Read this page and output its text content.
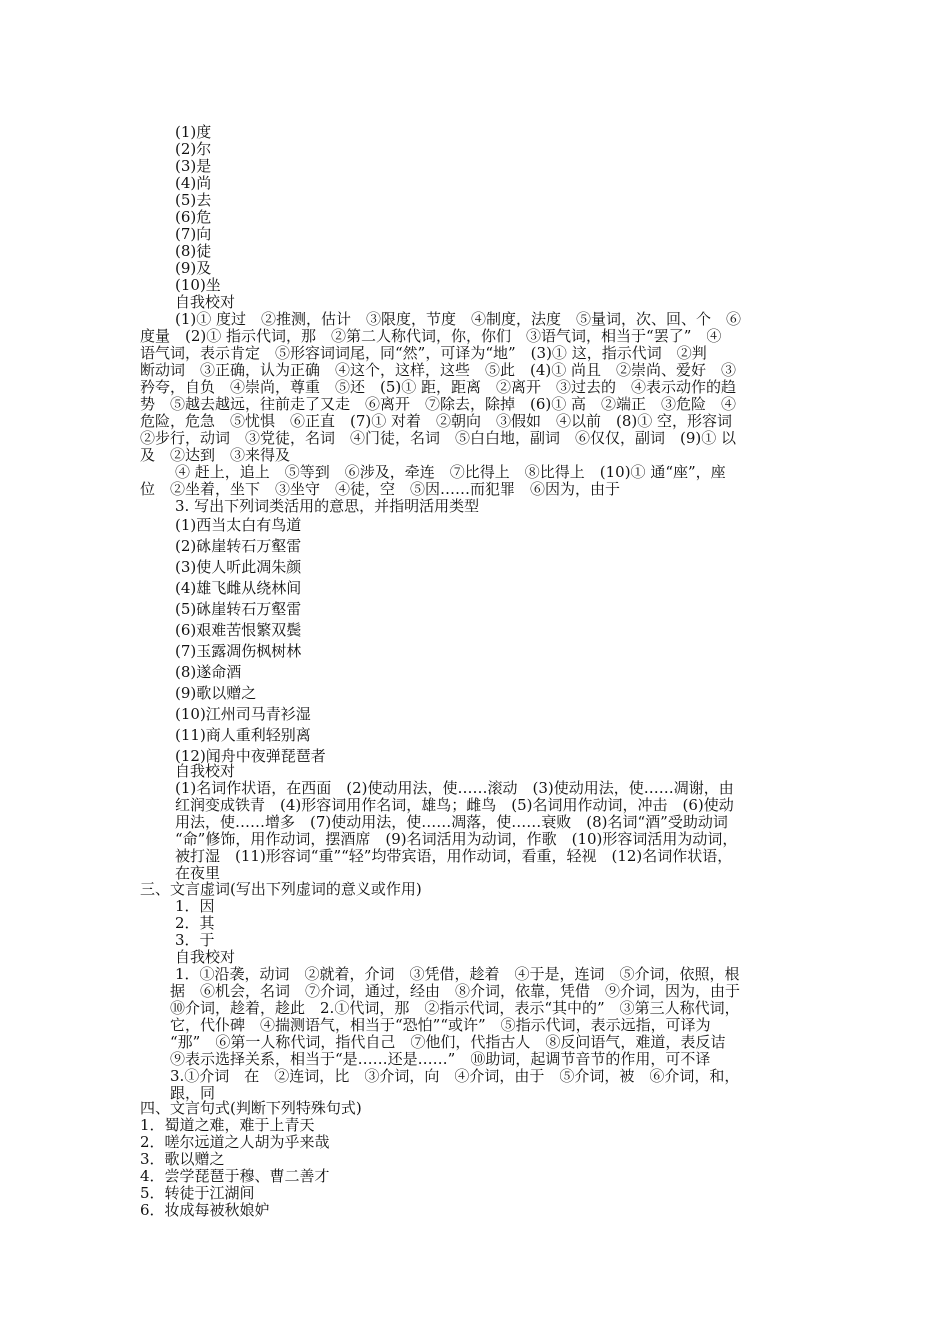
(1)度
(2)尔
(3)是
(4)尚
(5)去
(6)危
(7)向
(8)徒
(9)及
(10)坐
自我校对
(1)① 度过　②推测，估计　③限度，节度　④制度，法度　⑤量词，次、回、个　⑥
度量　(2)① 指示代词，那　②第二人称代词，你，你们　③语气词，相当于“罢了”　④
语气词，表示肯定　⑤形容词词尾，同“然”，可译为“地”　(3)① 这，指示代词　②判
断动词　③正确，认为正确　④这个，这样，这些　⑤此　(4)① 尚且　②崇尚、爱好　③
矜夸，自负　④崇尚，尊重　⑤还　(5)① 距，距离　②离开　③过去的　④表示动作的趋
势　⑤越去越远，往前走了又走　⑥离开　⑦除去，除掉　(6)① 高　②端正　③危险　④
危险，危急　⑤忧惧　⑥正直　(7)① 对着　②朝向　③假如　④以前　(8)① 空，形容词
②步行，动词　③党徒，名词　④门徒，名词　⑤白白地，副词　⑥仅仅，副词　(9)① 以
及　②达到　③来得及
④ 赶上，追上　⑤等到　⑥涉及，牵连　⑦比得上　⑧比得上　(10)① 通“座”，座
位　②坐着，坐下　③坐守　④徒，空　⑤因……而犯罪　⑥因为，由于
3. 写出下列词类活用的意思，并指明活用类型
(1)西当太白有鸟道
(2)砯崖转石万壑雷
(3)使人听此凋朱颜
(4)雄飞雌从绕林间
(5)砯崖转石万壑雷
(6)艰难苦恨繁双鬓
(7)玉露凋伤枫树林
(8)遂命酒
(9)歌以赠之
(10)江州司马青衫湿
(11)商人重利轻别离
(12)闻舟中夜弹琵琶者
自我校对
(1)名词作状语，在西面　(2)使动用法，使……滚动　(3)使动用法，使……凋谢，由
红润变成铁青　(4)形容词用作名词，雄鸟；雌鸟　(5)名词用作动词，冲击　(6)使动
用法，使……增多　(7)使动用法，使……凋落，使……衰败　(8)名词“酒”受助动词
“命”修饰，用作动词，摆酒席　(9)名词活用为动词，作歌　(10)形容词活用为动词，
被打湿　(11)形容词“重”“轻”均带宾语，用作动词，看重，轻视　(12)名词作状语，
在夜里
三、文言虚词(写出下列虚词的意义或作用)
1．因
2．其
3．于
自我校对
1．①沿袭，动词　②就着，介词　③凭借，趁着　④于是，连词　⑤介词，依照，根
据　⑥机会，名词　⑦介词，通过，经由　⑧介词，依靠，凭借　⑨介词，因为，由于
⑩介词，趁着，趁此　2.①代词，那　②指示代词，表示“其中的”　③第三人称代词，
它，代仆碑　④揣测语气，相当于“恐怕”“或许”　⑤指示代词，表示远指，可译为
“那”　⑥第一人称代词，指代自己　⑦他们，代指古人　⑧反问语气，难道，表反诘
⑨表示选择关系，相当于“是……还是……”　⑩助词，起调节音节的作用，可不译
3.①介词　在　②连词，比　③介词，向　④介词，由于　⑤介词，被　⑥介词，和，
跟，同
四、文言句式(判断下列特殊句式)
1．蜀道之难，难于上青天
2．嗟尔远道之人胡为乎来哉
3．歌以赠之
4．尝学琵琶于穆、曹二善才
5．转徒于江湖间
6．妆成每被秋娘妒
